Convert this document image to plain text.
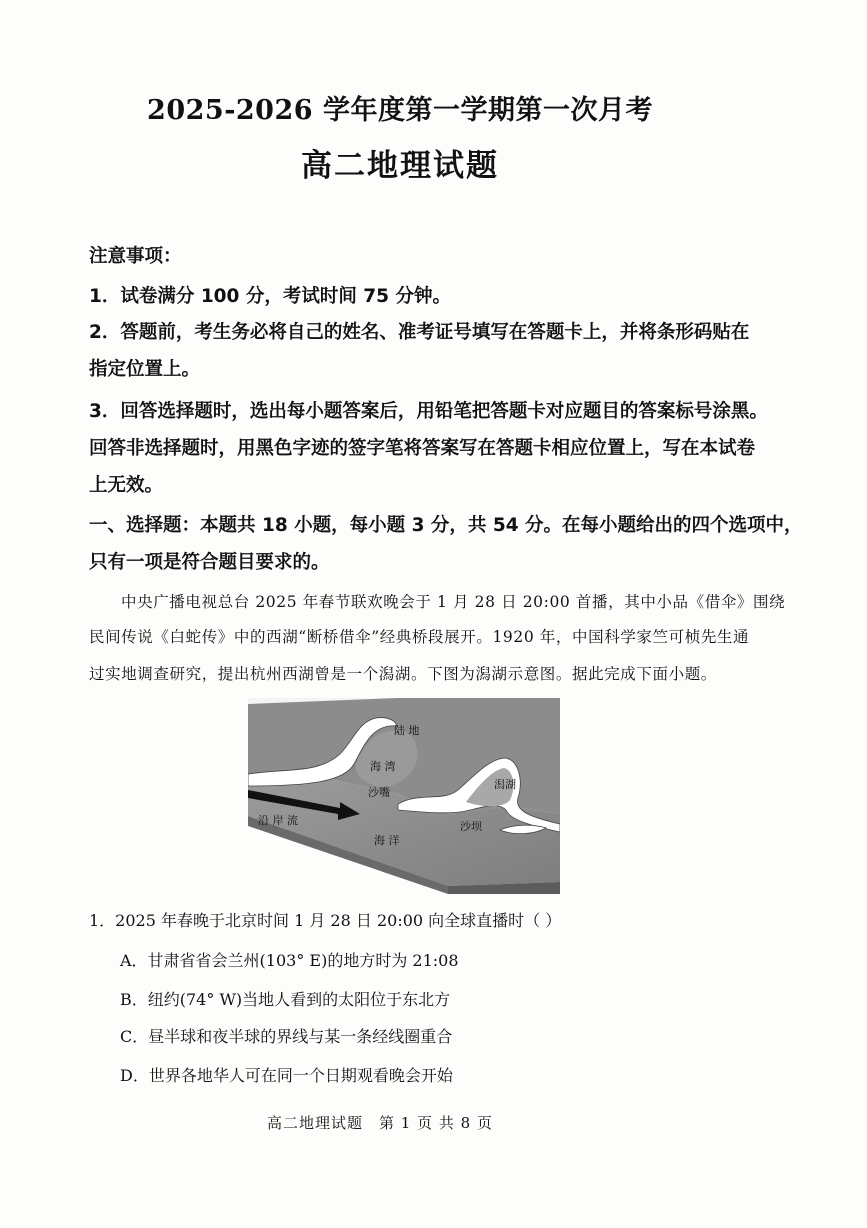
2025-2026 学年度第一学期第一次月考
高二地理试题

注意事项：

1．试卷满分 100 分，考试时间 75 分钟。

2．答题前，考生务必将自己的姓名、准考证号填写在答题卡上，并将条形码贴在

指定位置上。

3．回答选择题时，选出每小题答案后，用铅笔把答题卡对应题目的答案标号涂黑。

回答非选择题时，用黑色字迹的签字笔将答案写在答题卡相应位置上，写在本试卷

上无效。

一、选择题：本题共 18 小题，每小题 3 分，共 54 分。在每小题给出的四个选项中，

只有一项是符合题目要求的。

中央广播电视总台 2025 年春节联欢晚会于 1 月 28 日 20:00 首播，其中小品《借伞》围绕

民间传说《白蛇传》中的西湖“断桥借伞”经典桥段展开。1920 年，中国科学家竺可桢先生通

过实地调查研究，提出杭州西湖曾是一个潟湖。下图为潟湖示意图。据此完成下面小题。

陆 地
海 湾
潟湖
沙嘴
沿 岸 流	沙坝
海 洋

1．2025 年春晚于北京时间 1 月 28 日 20:00 向全球直播时（ ）

A．甘肃省省会兰州(103° E)的地方时为 21:08

B．纽约(74° W)当地人看到的太阳位于东北方

C．昼半球和夜半球的界线与某一条经线圈重合

D．世界各地华人可在同一个日期观看晚会开始

高二地理试题　第 1 页 共 8 页
